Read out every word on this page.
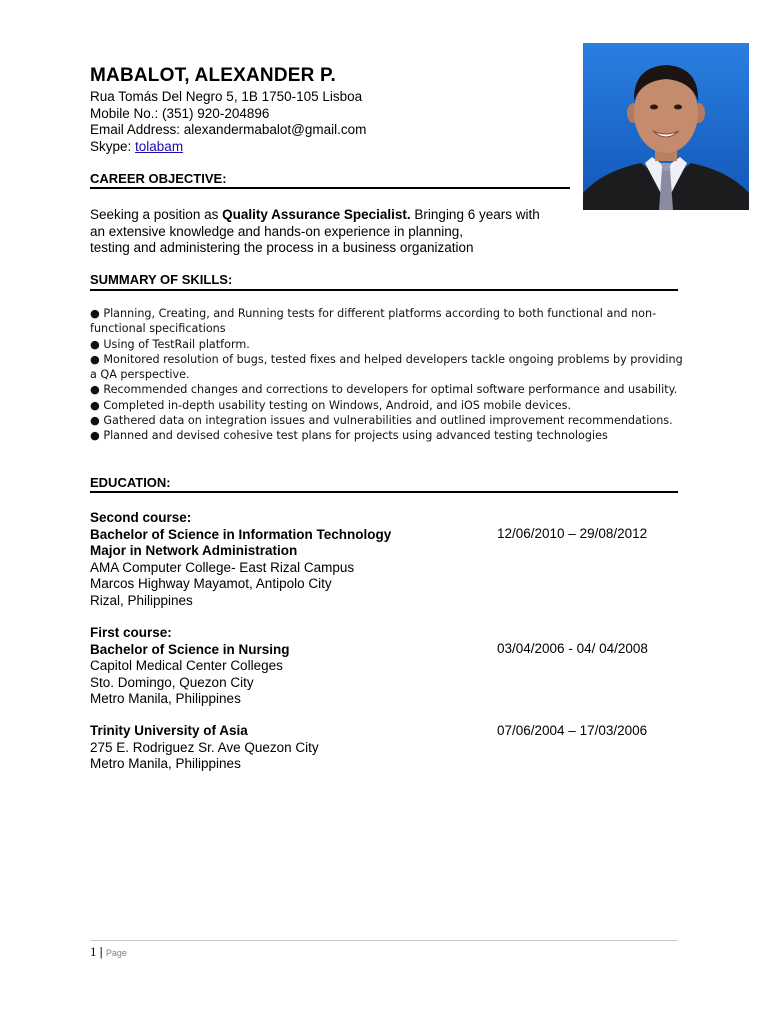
MABALOT, ALEXANDER P.
Rua Tomás Del Negro 5, 1B 1750-105 Lisboa
Mobile No.: (351) 920-204896
Email Address: alexandermabalot@gmail.com
Skype: tolabam
CAREER OBJECTIVE:
Seeking a position as Quality Assurance Specialist. Bringing 6 years with
an extensive knowledge and hands-on experience in planning,
testing and administering the process in a business organization
SUMMARY OF SKILLS:
● Planning, Creating, and Running tests for different platforms according to both functional and non-functional specifications
● Using of TestRail platform.
● Monitored resolution of bugs, tested fixes and helped developers tackle ongoing problems by providing a QA perspective.
● Recommended changes and corrections to developers for optimal software performance and usability.
● Completed in-depth usability testing on Windows, Android, and iOS mobile devices.
● Gathered data on integration issues and vulnerabilities and outlined improvement recommendations.
● Planned and devised cohesive test plans for projects using advanced testing technologies
EDUCATION:
Second course:
Bachelor of Science in Information Technology
Major in Network Administration
AMA Computer College- East Rizal Campus
Marcos Highway Mayamot, Antipolo City
Rizal, Philippines
12/06/2010 – 29/08/2012
First course:
Bachelor of Science in Nursing
Capitol Medical Center Colleges
Sto. Domingo, Quezon City
Metro Manila, Philippines
03/04/2006 - 04/ 04/2008
Trinity University of Asia
275 E. Rodriguez Sr. Ave Quezon City
Metro Manila, Philippines
07/06/2004 – 17/03/2006
1 | Page
